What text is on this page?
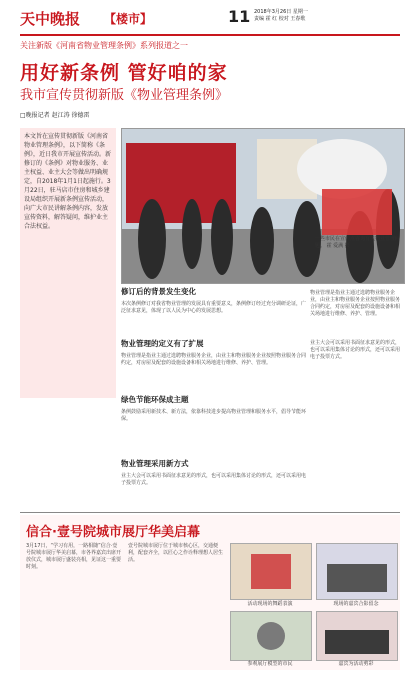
天中晚报 【楼市】	11 2018年3月26日 星期一
责编 霍 红 校对 王春歌
关注新版《河南省物业管理条例》系列报道之一
用好新条例 管好咱的家
我市宣传贯彻新版《物业管理条例》
□晚报记者 赵江涛 徐德雷
本文旨在宣传贯彻新版《河南省物业管理条例》，以下简称《条例》，近日我市开展宣传活动。新修订的《条例》对物业服务、业主权益、业主大会等做出明确规定，自2018年1月1日起施行。3月22日，驻马店市住房和城乡建设局组织开展新条例宣传活动，向广大市民讲解条例内容，发放宣传资料，解答疑问，维护业主合法权益。
一些市民在宣传点咨询有关物业管理问题。 霍 爱满 摄
修订后的背景发生变化
本次条例修订对我省物业管理的发展具有重要意义，条例修订经过充分调研论证，广泛征求意见，体现了以人民为中心的发展思想。
物业管理是指业主通过选聘物业服务企业，由业主和物业服务企业按照物业服务合同约定，对房屋及配套的设施设备和相关场地进行维修、养护、管理。
物业管理的定义有了扩展
物业管理是指业主通过选聘物业服务企业，由业主和物业服务企业按照物业服务合同约定，对房屋及配套的设施设备和相关场地进行维修、养护、管理。
绿色节能环保成主题
条例鼓励采用新技术、新方法，依靠科技进步提高物业管理和服务水平，倡导节能环保。
物业管理采用新方式
业主大会可以采用书面征求意见的形式，也可以采用集体讨论的形式，还可以采用电子投票方式。
业主大会可以采用书面征求意见的形式，也可以采用集体讨论的形式，还可以采用电子投票方式。
信合·壹号院城市展厅华美启幕
3月17日，“学习有用，一路相随”信合·壹号院城市展厅华美启幕，市各界嘉宾出席开放仪式，城市展厅盛装亮相，见证这一重要时刻。
壹号院城市展厅位于城市核心区，交通便利，配套齐全，以匠心之作诠释理想人居生活。
活动现场的舞蹈表演	现场的嘉宾合影留念
参观展厅模型的市民	嘉宾为活动剪彩
